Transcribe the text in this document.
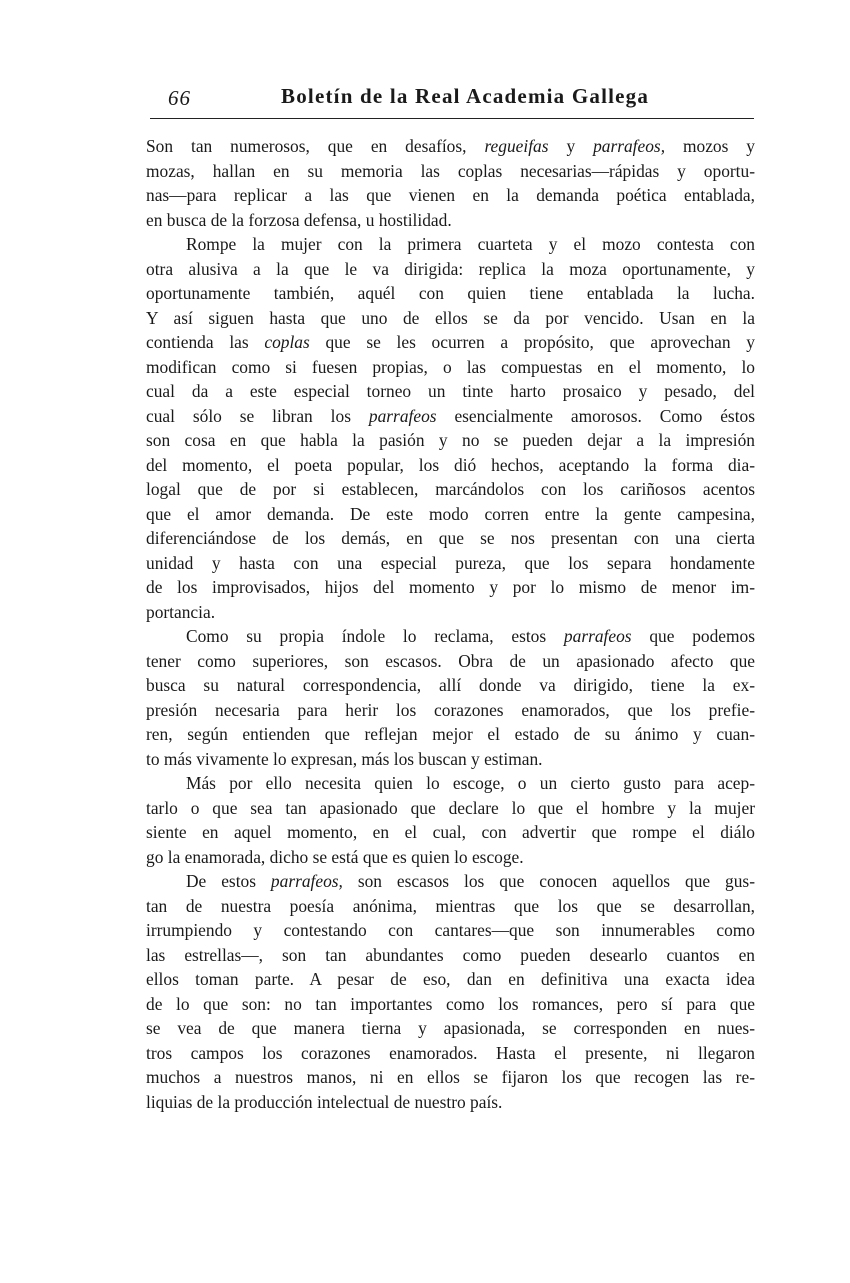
66	Boletín de la Real Academia Gallega
Son tan numerosos, que en desafíos, regueifas y parrafeos, mozos y
mozas, hallan en su memoria las coplas necesarias—rápidas y oportu-
nas—para replicar a las que vienen en la demanda poética entablada,
en busca de la forzosa defensa, u hostilidad.
Rompe la mujer con la primera cuarteta y el mozo contesta con
otra alusiva a la que le va dirigida: replica la moza oportunamente, y
oportunamente también, aquél con quien tiene entablada la lucha.
Y así siguen hasta que uno de ellos se da por vencido. Usan en la
contienda las coplas que se les ocurren a propósito, que aprovechan y
modifican como si fuesen propias, o las compuestas en el momento, lo
cual da a este especial torneo un tinte harto prosaico y pesado, del
cual sólo se libran los parrafeos esencialmente amorosos. Como éstos
son cosa en que habla la pasión y no se pueden dejar a la impresión
del momento, el poeta popular, los dió hechos, aceptando la forma dia-
logal que de por si establecen, marcándolos con los cariñosos acentos
que el amor demanda. De este modo corren entre la gente campesina,
diferenciándose de los demás, en que se nos presentan con una cierta
unidad y hasta con una especial pureza, que los separa hondamente
de los improvisados, hijos del momento y por lo mismo de menor im-
portancia.
Como su propia índole lo reclama, estos parrafeos que podemos
tener como superiores, son escasos. Obra de un apasionado afecto que
busca su natural correspondencia, allí donde va dirigido, tiene la ex-
presión necesaria para herir los corazones enamorados, que los prefie-
ren, según entienden que reflejan mejor el estado de su ánimo y cuan-
to más vivamente lo expresan, más los buscan y estiman.
Más por ello necesita quien lo escoge, o un cierto gusto para acep-
tarlo o que sea tan apasionado que declare lo que el hombre y la mujer
siente en aquel momento, en el cual, con advertir que rompe el diálo
go la enamorada, dicho se está que es quien lo escoge.
De estos parrafeos, son escasos los que conocen aquellos que gus-
tan de nuestra poesía anónima, mientras que los que se desarrollan,
irrumpiendo y contestando con cantares—que son innumerables como
las estrellas—, son tan abundantes como pueden desearlo cuantos en
ellos toman parte. A pesar de eso, dan en definitiva una exacta idea
de lo que son: no tan importantes como los romances, pero sí para que
se vea de que manera tierna y apasionada, se corresponden en nues-
tros campos los corazones enamorados. Hasta el presente, ni llegaron
muchos a nuestros manos, ni en ellos se fijaron los que recogen las re-
liquias de la producción intelectual de nuestro país.
